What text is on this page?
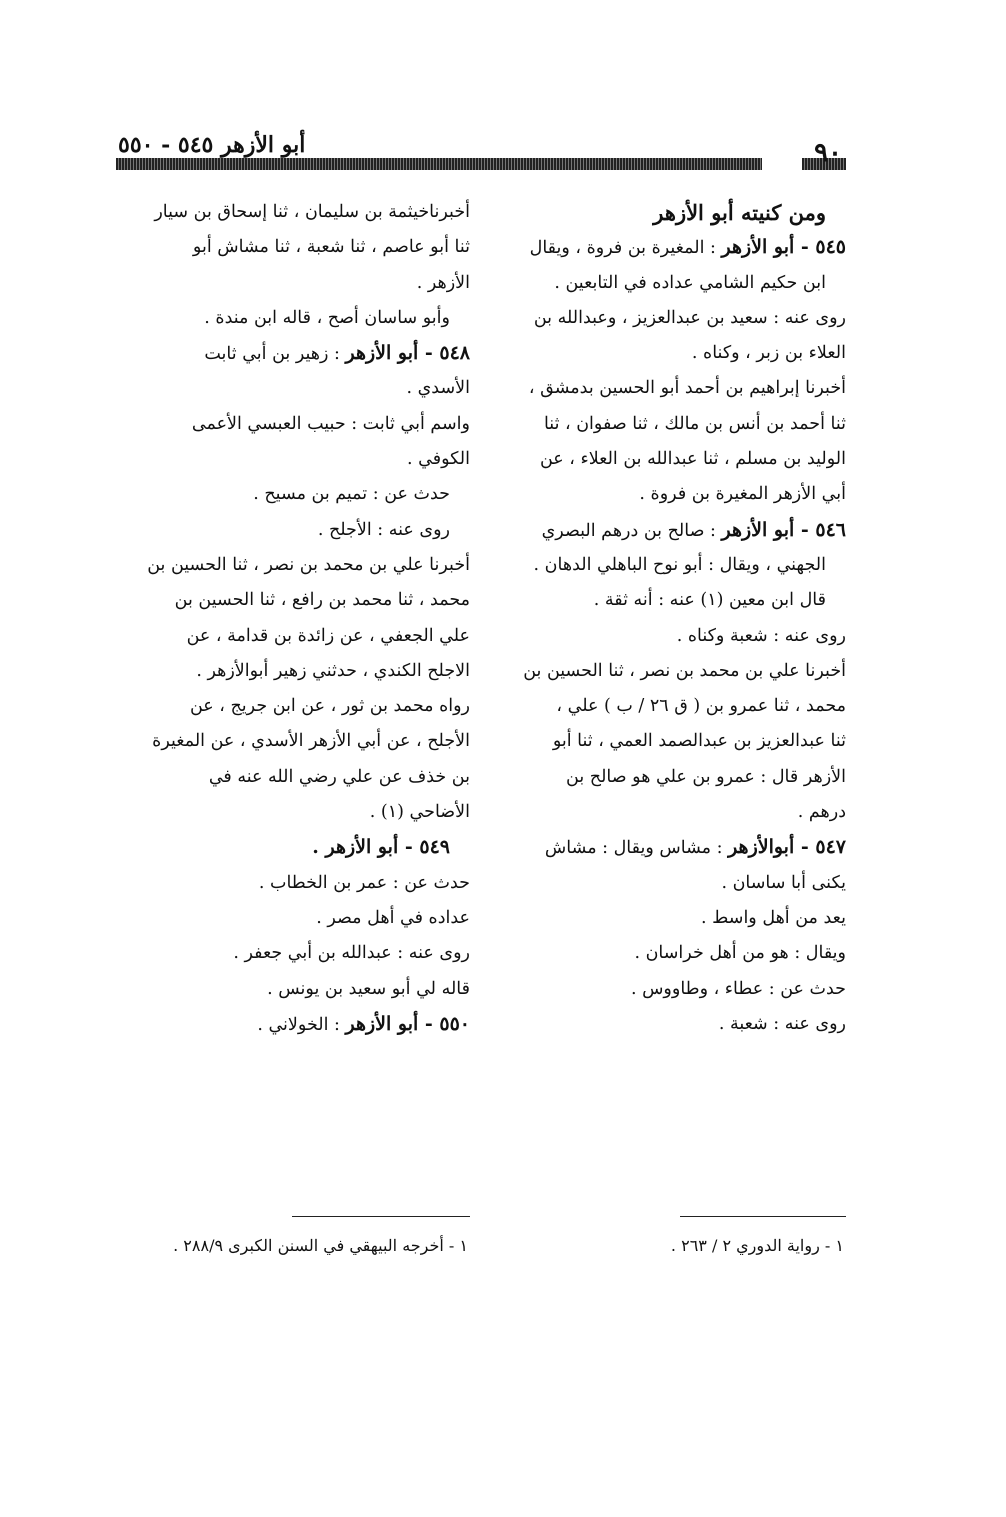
٩٠
أبو الأزهر ٥٤٥ - ٥٥٠
ومن كنيته أبو الأزهر
٥٤٥ - أبو الأزهر : المغيرة بن فروة ، ويقال
ابن حكيم الشامي عداده في التابعين .
روى عنه : سعيد بن عبدالعزيز ، وعبدالله بن
العلاء بن زبر ، وكناه .
أخبرنا إبراهيم بن أحمد أبو الحسين بدمشق ،
ثنا أحمد بن أنس بن مالك ، ثنا صفوان ، ثنا
الوليد بن مسلم ، ثنا عبدالله بن العلاء ، عن
أبي الأزهر المغيرة بن فروة .
٥٤٦ - أبو الأزهر : صالح بن درهم البصري
الجهني ، ويقال : أبو نوح الباهلي الدهان .
قال ابن معين (١) عنه : أنه ثقة .
روى عنه : شعبة وكناه .
أخبرنا علي بن محمد بن نصر ، ثنا الحسين بن
محمد ، ثنا عمرو بن ( ق ٢٦ / ب ) علي ،
ثنا عبدالعزيز بن عبدالصمد العمي ، ثنا أبو
الأزهر قال : عمرو بن علي هو صالح بن
درهم .
٥٤٧ - أبوالأزهر : مشاس ويقال : مشاش
يكنى أبا ساسان .
يعد من أهل واسط .
ويقال : هو من أهل خراسان .
حدث عن : عطاء ، وطاووس .
روى عنه : شعبة .
أخبرناخيثمة بن سليمان ، ثنا إسحاق بن سيار
ثنا أبو عاصم ، ثنا شعبة ، ثنا مشاش أبو
الأزهر .
وأبو ساسان أصح ، قاله ابن مندة .
٥٤٨ - أبو الأزهر : زهير بن أبي ثابت
الأسدي .
واسم أبي ثابت : حبيب العبسي الأعمى
الكوفي .
حدث عن : تميم بن مسيح .
روى عنه : الأجلح .
أخبرنا علي بن محمد بن نصر ، ثنا الحسين بن
محمد ، ثنا محمد بن رافع ، ثنا الحسين بن
علي الجعفي ، عن زائدة بن قدامة ، عن
الاجلح الكندي ، حدثني زهير أبوالأزهر .
رواه محمد بن ثور ، عن ابن جريج ، عن
الأجلح ، عن أبي الأزهر الأسدي ، عن المغيرة
بن خذف عن علي رضي الله عنه في
الأضاحي (١) .
٥٤٩ - أبو الأزهر .
حدث عن : عمر بن الخطاب .
عداده في أهل مصر .
روى عنه : عبدالله بن أبي جعفر .
قاله لي أبو سعيد بن يونس .
٥٥٠ - أبو الأزهر : الخولاني .
١ - رواية الدوري ٢ / ٢٦٣ .
١ - أخرجه البيهقي في السنن الكبرى ٢٨٨/٩ .
